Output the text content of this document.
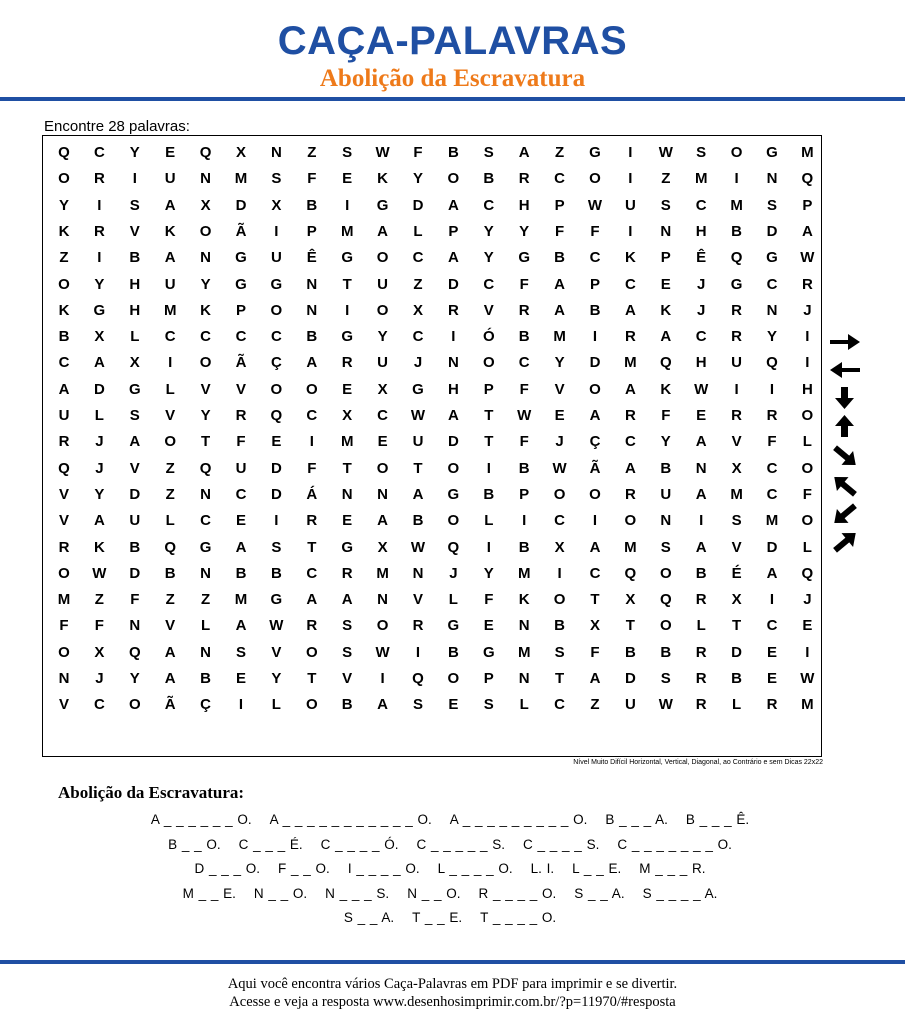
CAÇA-PALAVRAS
Abolição da Escravatura
Encontre 28 palavras:
Q	C	Y	E	Q	X	N	Z	S	W	F	B	S	A	Z	G	I	W	S	O	G	M
O	R	I	U	N	M	S	F	E	K	Y	O	B	R	C	O	I	Z	M	I	N	Q
Y	I	S	A	X	D	X	B	I	G	D	A	C	H	P	W	U	S	C	M	S	P
K	R	V	K	O	Ã	I	P	M	A	L	P	Y	Y	F	F	I	N	H	B	D	A
Z	I	B	A	N	G	U	Ê	G	O	C	A	Y	G	B	C	K	P	Ê	Q	G	W
O	Y	H	U	Y	G	G	N	T	U	Z	D	C	F	A	P	C	E	J	G	C	R
K	G	H	M	K	P	O	N	I	O	X	R	V	R	A	B	A	K	J	R	N	J
B	X	L	C	C	C	C	B	G	Y	C	I	Ó	B	M	I	R	A	C	R	Y	I
C	A	X	I	O	Ã	Ç	A	R	U	J	N	O	C	Y	D	M	Q	H	U	Q	I
A	D	G	L	V	V	O	O	E	X	G	H	P	F	V	O	A	K	W	I	I	H
U	L	S	V	Y	R	Q	C	X	C	W	A	T	W	E	A	R	F	E	R	R	O
R	J	A	O	T	F	E	I	M	E	U	D	T	F	J	Ç	C	Y	A	V	F	L
Q	J	V	Z	Q	U	D	F	T	O	T	O	I	B	W	Ã	A	B	N	X	C	O
V	Y	D	Z	N	C	D	Á	N	N	A	G	B	P	O	O	R	U	A	M	C	F
V	A	U	L	C	E	I	R	E	A	B	O	L	I	C	I	O	N	I	S	M	O
R	K	B	Q	G	A	S	T	G	X	W	Q	I	B	X	A	M	S	A	V	D	L
O	W	D	B	N	B	B	C	R	M	N	J	Y	M	I	C	Q	O	B	É	A	Q
M	Z	F	Z	Z	M	G	A	A	N	V	L	F	K	O	T	X	Q	R	X	I	J
F	F	N	V	L	A	W	R	S	O	R	G	E	N	B	X	T	O	L	T	C	E
O	X	Q	A	N	S	V	O	S	W	I	B	G	M	S	F	B	B	R	D	E	I
N	J	Y	A	B	E	Y	T	V	I	Q	O	P	N	T	A	D	S	R	B	E	W
V	C	O	Ã	Ç	I	L	O	B	A	S	E	S	L	C	Z	U	W	R	L	R	M
Nível Muito Difícil Horizontal, Vertical, Diagonal, ao Contrário e sem Dicas 22x22
Abolição da Escravatura:
A _ _ _ _ _ _ O. A _ _ _ _ _ _ _ _ _ _ _ O. A _ _ _ _ _ _ _ _ _ O. B _ _ _ A. B _ _ _ Ê.
B _ _ O. C _ _ _ É. C _ _ _ _ Ó. C _ _ _ _ _ S. C _ _ _ _ S. C _ _ _ _ _ _ _ O.
D _ _ _ O. F _ _ O. I _ _ _ _ O. L _ _ _ _ O. L. I. L _ _ E. M _ _ _ R.
M _ _ E. N _ _ O. N _ _ _ S. N _ _ O. R _ _ _ _ O. S _ _ A. S _ _ _ _ A.
S _ _ A. T _ _ E. T _ _ _ _ O.
Aqui você encontra vários Caça-Palavras em PDF para imprimir e se divertir.
Acesse e veja a resposta www.desenhosimprimir.com.br/?p=11970/#resposta
